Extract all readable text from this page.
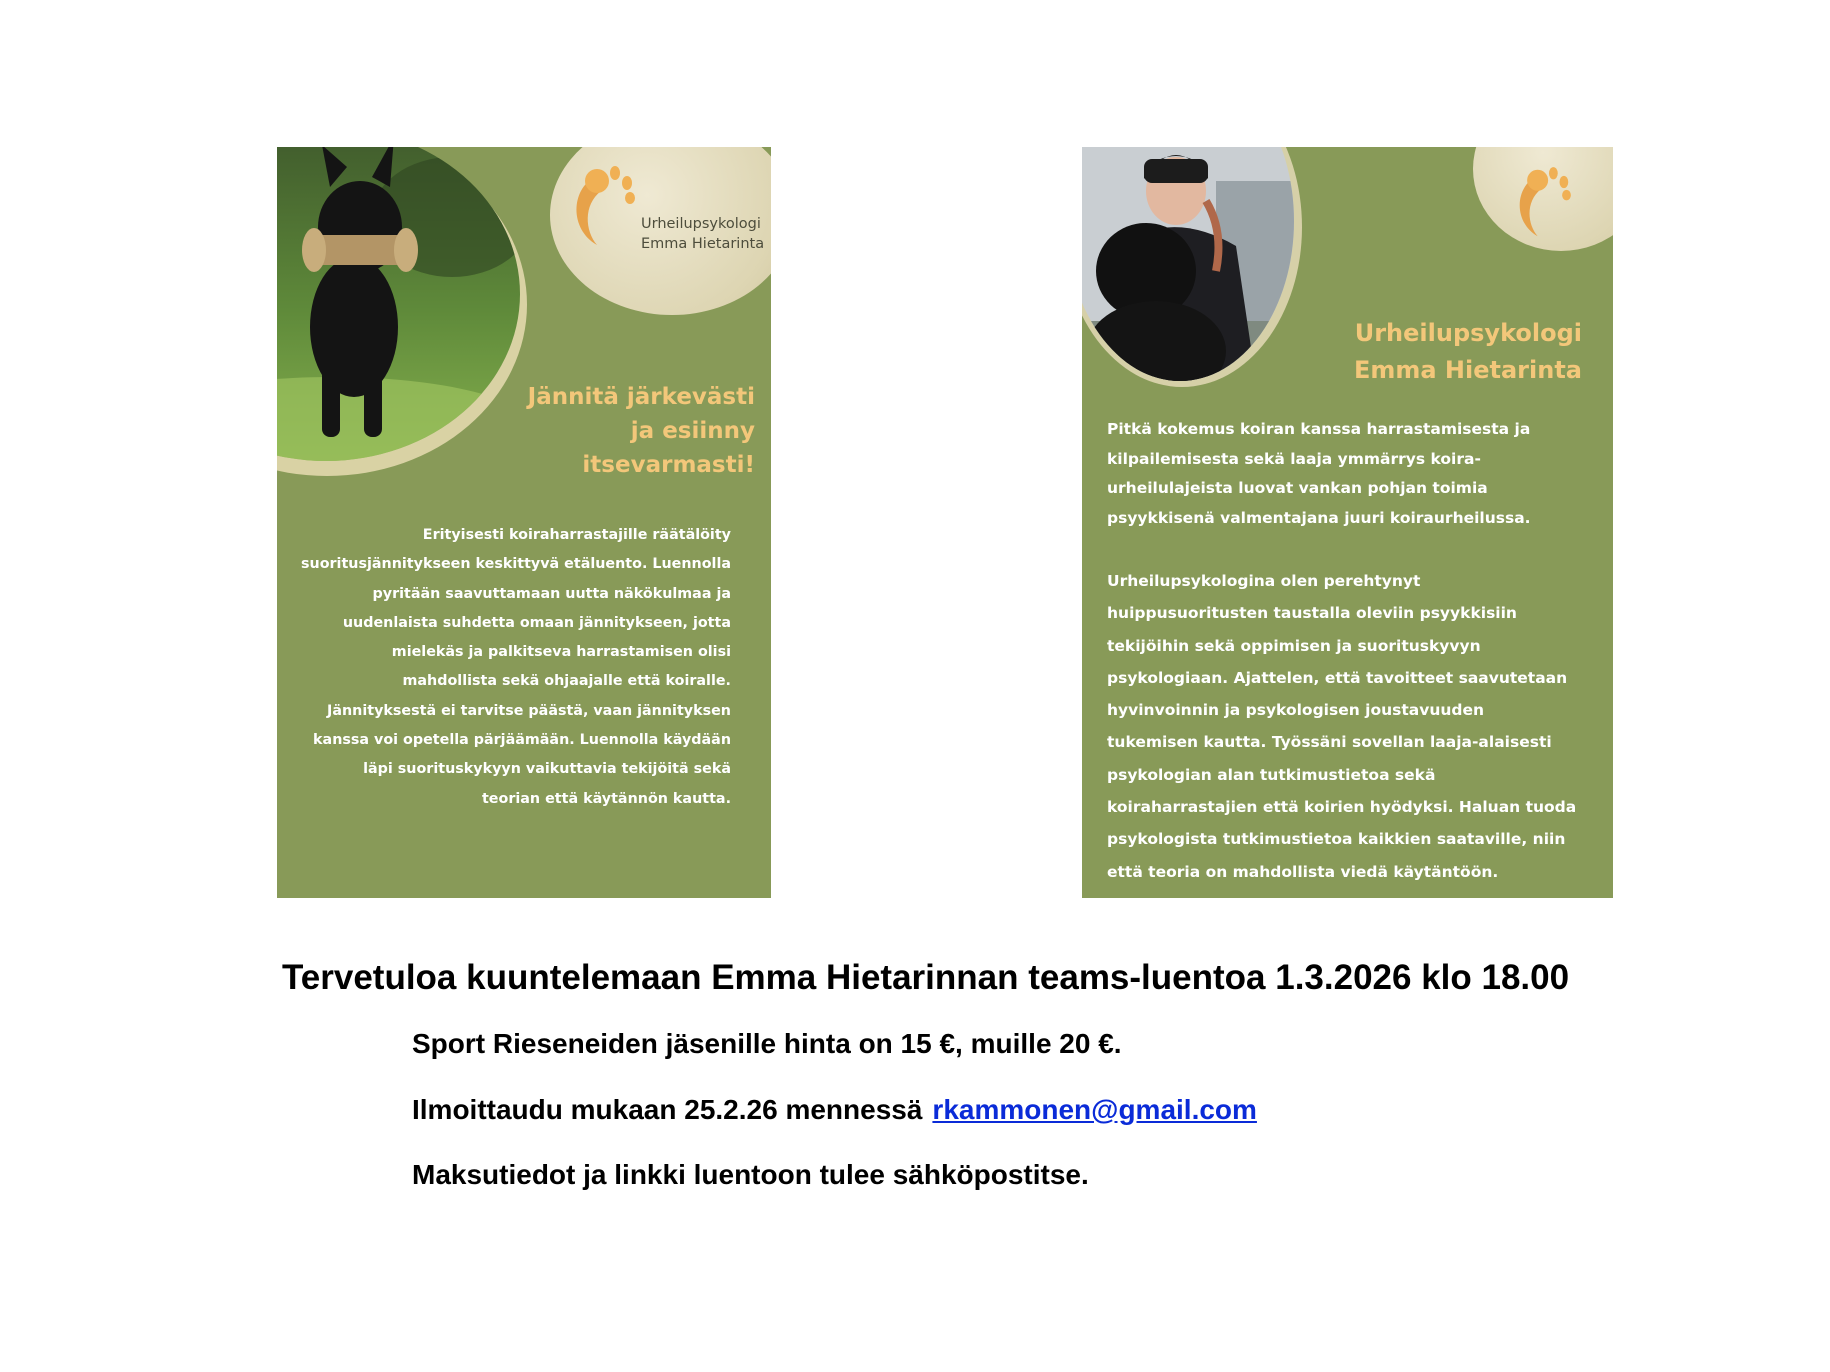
Urheilupsykologi
Emma Hietarinta
Jännitä järkevästi
ja esiinny
itsevarmasti!
Erityisesti koiraharrastajille räätälöity
suoritusjännitykseen keskittyvä etäluento. Luennolla
pyritään saavuttamaan uutta näkökulmaa ja
uudenlaista suhdetta omaan jännitykseen, jotta
mielekäs ja palkitseva harrastamisen olisi
mahdollista sekä ohjaajalle että koiralle.
Jännityksestä ei tarvitse päästä, vaan jännityksen
kanssa voi opetella pärjäämään. Luennolla käydään
läpi suorituskykyyn vaikuttavia tekijöitä sekä
teorian että käytännön kautta.
Urheilupsykologi
Emma Hietarinta
Pitkä kokemus koiran kanssa harrastamisesta ja
kilpailemisesta sekä laaja ymmärrys koira-
urheilulajeista luovat vankan pohjan toimia
psyykkisenä valmentajana juuri koiraurheilussa.
Urheilupsykologina olen perehtynyt
huippusuoritusten taustalla oleviin psyykkisiin
tekijöihin sekä oppimisen ja suorituskyvyn
psykologiaan. Ajattelen, että tavoitteet saavutetaan
hyvinvoinnin ja psykologisen joustavuuden
tukemisen kautta. Työssäni sovellan laaja-alaisesti
psykologian alan tutkimustietoa sekä
koiraharrastajien että koirien hyödyksi. Haluan tuoda
psykologista tutkimustietoa kaikkien saataville, niin
että teoria on mahdollista viedä käytäntöön.
Tervetuloa kuuntelemaan Emma Hietarinnan teams-luentoa 1.3.2026 klo 18.00
Sport Rieseneiden jäsenille hinta on 15 €, muille 20 €.
Ilmoittaudu mukaan 25.2.26 mennessä rkammonen@gmail.com
Maksutiedot ja linkki luentoon tulee sähköpostitse.
